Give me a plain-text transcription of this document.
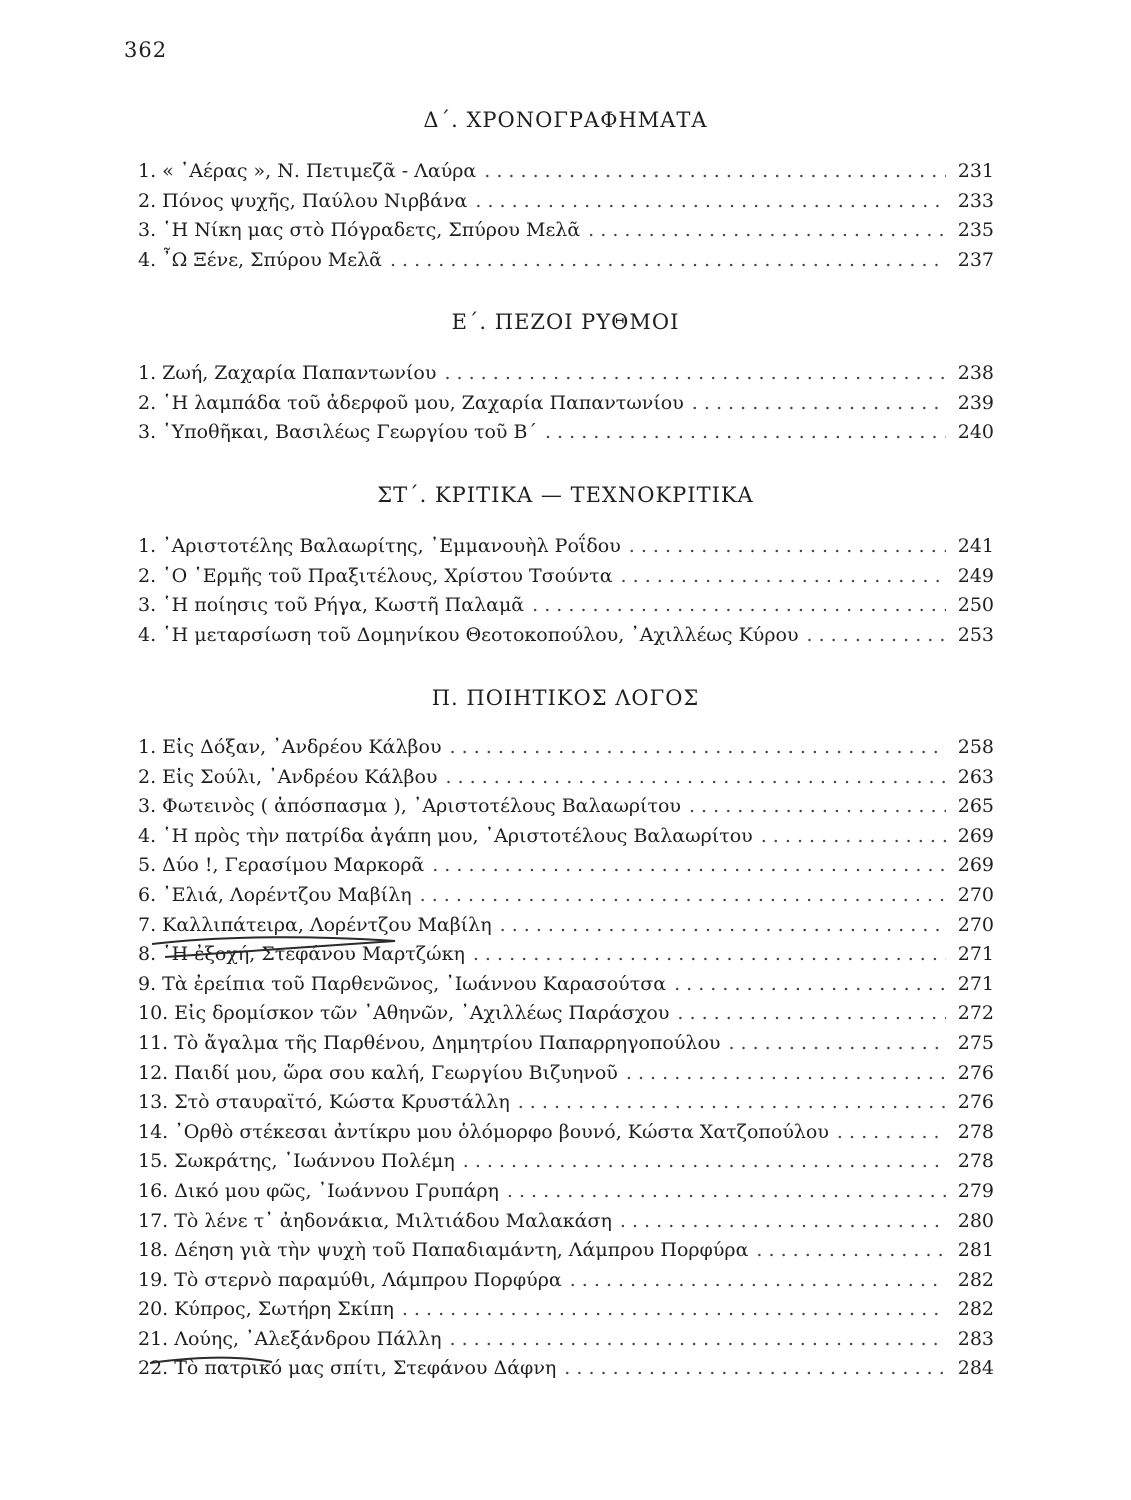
362
Δ΄. ΧΡΟΝΟΓΡΑΦΗΜΑΤΑ
1. « ᾿Αέρας », Ν. Πετιμεζᾶ - Λαύρα . . .	231
2. Πόνος ψυχῆς, Παύλου Νιρβάνα . . .	233
3. ῾Η Νίκη μας στὸ Πόγραδετς, Σπύρου Μελᾶ . . .	235
4. ῏Ω Ξένε, Σπύρου Μελᾶ . . .	237
Ε΄. ΠΕΖΟΙ ΡΥΘΜΟΙ
1. Ζωή, Ζαχαρία Παπαντωνίου . . .	238
2. ῾Η λαμπάδα τοῦ ἀδερφοῦ μου, Ζαχαρία Παπαντωνίου . . .	239
3. ῾Υποθῆκαι, Βασιλέως Γεωργίου τοῦ Β΄ . . .	240
ΣΤ΄. ΚΡΙΤΙΚΑ — ΤΕΧΝΟΚΡΙΤΙΚΑ
1. ᾿Αριστοτέλης Βαλαωρίτης, ᾿Εμμανουὴλ Ροΐδου . . .	241
2. ῾Ο ῾Ερμῆς τοῦ Πραξιτέλους, Χρίστου Τσούντα . . .	249
3. ῾Η ποίησις τοῦ Ρήγα, Κωστῆ Παλαμᾶ . . .	250
4. ῾Η μεταρσίωση τοῦ Δομηνίκου Θεοτοκοπούλου, ᾿Αχιλλέως Κύρου . . .	253
Π. ΠΟΙΗΤΙΚΟΣ ΛΟΓΟΣ
1. Εἰς Δόξαν, ᾿Ανδρέου Κάλβου . . .	258
2. Εἰς Σούλι, ᾿Ανδρέου Κάλβου . . .	263
3. Φωτεινὸς ( ἀπόσπασμα ), ᾿Αριστοτέλους Βαλαωρίτου . . .	265
4. ῾Η πρὸς τὴν πατρίδα ἀγάπη μου, ᾿Αριστοτέλους Βαλαωρίτου . . .	269
5. Δύο !, Γερασίμου Μαρκορᾶ . . .	269
6. ᾿Ελιά, Λορέντζου Μαβίλη . . .	270
7. Καλλιπάτειρα, Λορέντζου Μαβίλη . . .	270
8. ῾Η ἐξοχή, Στεφάνου Μαρτζώκη . . .	271
9. Τὰ ἐρείπια τοῦ Παρθενῶνος, ᾿Ιωάννου Καρασούτσα . . .	271
10. Εἰς δρομίσκον τῶν ᾿Αθηνῶν, ᾿Αχιλλέως Παράσχου . . .	272
11. Τὸ ἄγαλμα τῆς Παρθένου, Δημητρίου Παπαρρηγοπούλου . . .	275
12. Παιδί μου, ὥρα σου καλή, Γεωργίου Βιζυηνοῦ . . .	276
13. Στὸ σταυραϊτό, Κώστα Κρυστάλλη . . .	276
14. ᾿Ορθὸ στέκεσαι ἀντίκρυ μου ὁλόμορφο βουνό, Κώστα Χατζοπούλου . . .	278
15. Σωκράτης, ᾿Ιωάννου Πολέμη . . .	278
16. Δικό μου φῶς, ᾿Ιωάννου Γρυπάρη . . .	279
17. Τὸ λένε τ᾿ ἀηδονάκια, Μιλτιάδου Μαλακάση . . .	280
18. Δέηση γιὰ τὴν ψυχὴ τοῦ Παπαδιαμάντη, Λάμπρου Πορφύρα . . .	281
19. Τὸ στερνὸ παραμύθι, Λάμπρου Πορφύρα . . .	282
20. Κύπρος, Σωτήρη Σκίπη . . .	282
21. Λούης, ᾿Αλεξάνδρου Πάλλη . . .	283
22. Τὸ πατρικό μας σπίτι, Στεφάνου Δάφνη . . .	284
